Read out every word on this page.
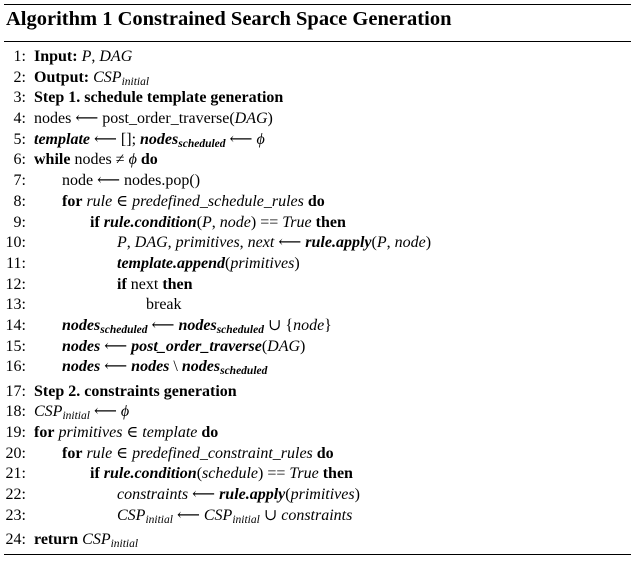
Algorithm 1 Constrained Search Space Generation
1: Input: P, DAG
2: Output: $CSP_{initial}$
3: Step 1. schedule template generation
4: nodes ⟵ post_order_traverse(DAG)
5: template ⟵ []; nodes$_{scheduled}$ ⟵ ϕ
6: while nodes ≠ ϕ do
7: node ⟵ nodes.pop()
8: for rule ∈ predefined_schedule_rules do
9:	if rule.condition(P, node) == True then
10:	P, DAG, primitives, next ⟵ rule.apply(P, node)
11:	template.append(primitives)
12:	if next then
13:	break
14: nodes$_{scheduled}$ ⟵ nodes$_{scheduled}$ ∪ {node}
15: nodes ⟵ post_order_traverse(DAG)
16: nodes ⟵ nodes \ nodes$_{scheduled}$
17: Step 2. constraints generation
18: $CSP_{initial}$ ⟵ ϕ
19: for primitives ∈ template do
20: for rule ∈ predefined_constraint_rules do
21:	if rule.condition(schedule) == True then
22:	constraints ⟵ rule.apply(primitives)
23:	$CSP_{initial}$ ⟵ $CSP_{initial}$ ∪ constraints
24: return $CSP_{initial}$
